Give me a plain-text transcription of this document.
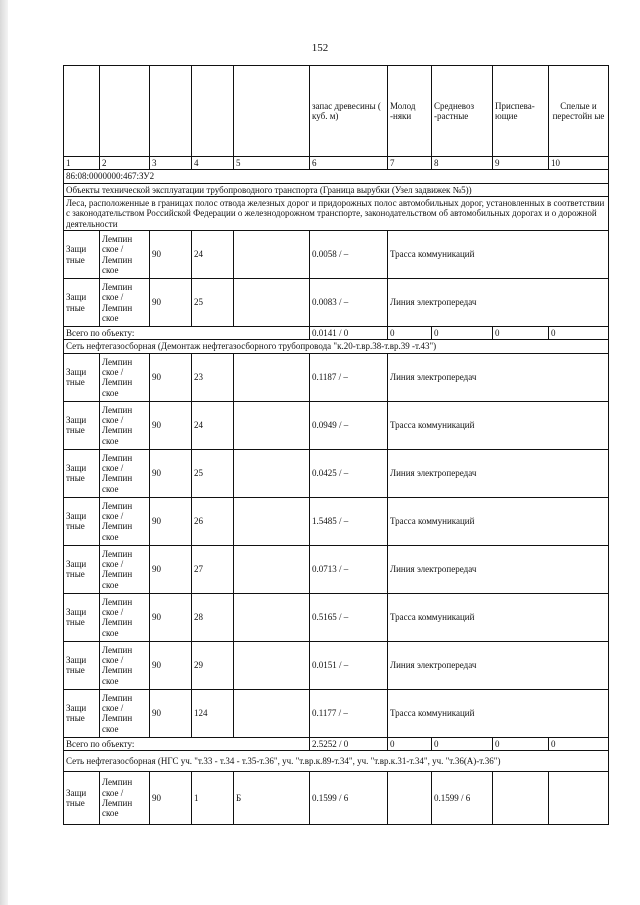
152
					запас древесины ( куб. м)	Молод -няки	Средневоз -растные	Приспева- ющие	Спелые и перестойн ые
1	2	3	4	5	6	7	8	9	10
86:08:0000000:467:ЗУ2									
Объекты технической эксплуатации трубопроводного транспорта (Граница вырубки (Узел задвижек №5))									
Леса, расположенные в границах полос отвода железных дорог и придорожных полос автомобильных дорог, установленных в соответствии с законодательством Российской Федерации о железнодорожном транспорте, законодательством об автомобильных дорогах и о дорожной деятельности									
Защи тные	Лемпин ское / Лемпин ское	90	24		0.0058 / –	Трасса коммуникаций			
Защи тные	Лемпин ское / Лемпин ское	90	25		0.0083 / –	Линия электропередач			
Всего по объекту:					0.0141 / 0	0	0	0	0
Сеть нефтегазосборная (Демонтаж нефтегазосборного трубопровода "к.20-т.вр.38-т.вр.39 -т.43")									
Защи тные	Лемпин ское / Лемпин ское	90	23		0.1187 / –	Линия электропередач			
Защи тные	Лемпин ское / Лемпин ское	90	24		0.0949 / –	Трасса коммуникаций			
Защи тные	Лемпин ское / Лемпин ское	90	25		0.0425 / –	Линия электропередач			
Защи тные	Лемпин ское / Лемпин ское	90	26		1.5485 / –	Трасса коммуникаций			
Защи тные	Лемпин ское / Лемпин ское	90	27		0.0713 / –	Линия электропередач			
Защи тные	Лемпин ское / Лемпин ское	90	28		0.5165 / –	Трасса коммуникаций			
Защи тные	Лемпин ское / Лемпин ское	90	29		0.0151 / –	Линия электропередач			
Защи тные	Лемпин ское / Лемпин ское	90	124		0.1177 / –	Трасса коммуникаций			
Всего по объекту:					2.5252 / 0	0	0	0	0
Сеть нефтегазосборная (НГС уч. "т.33 - т.34 - т.35-т.36", уч. "т.вр.к.89-т.34", уч. "т.вр.к.31-т.34", уч. "т.36(А)-т.36")									
Защи тные	Лемпин ское / Лемпин ское	90	1	Б	0.1599 / 6		0.1599 / 6		
